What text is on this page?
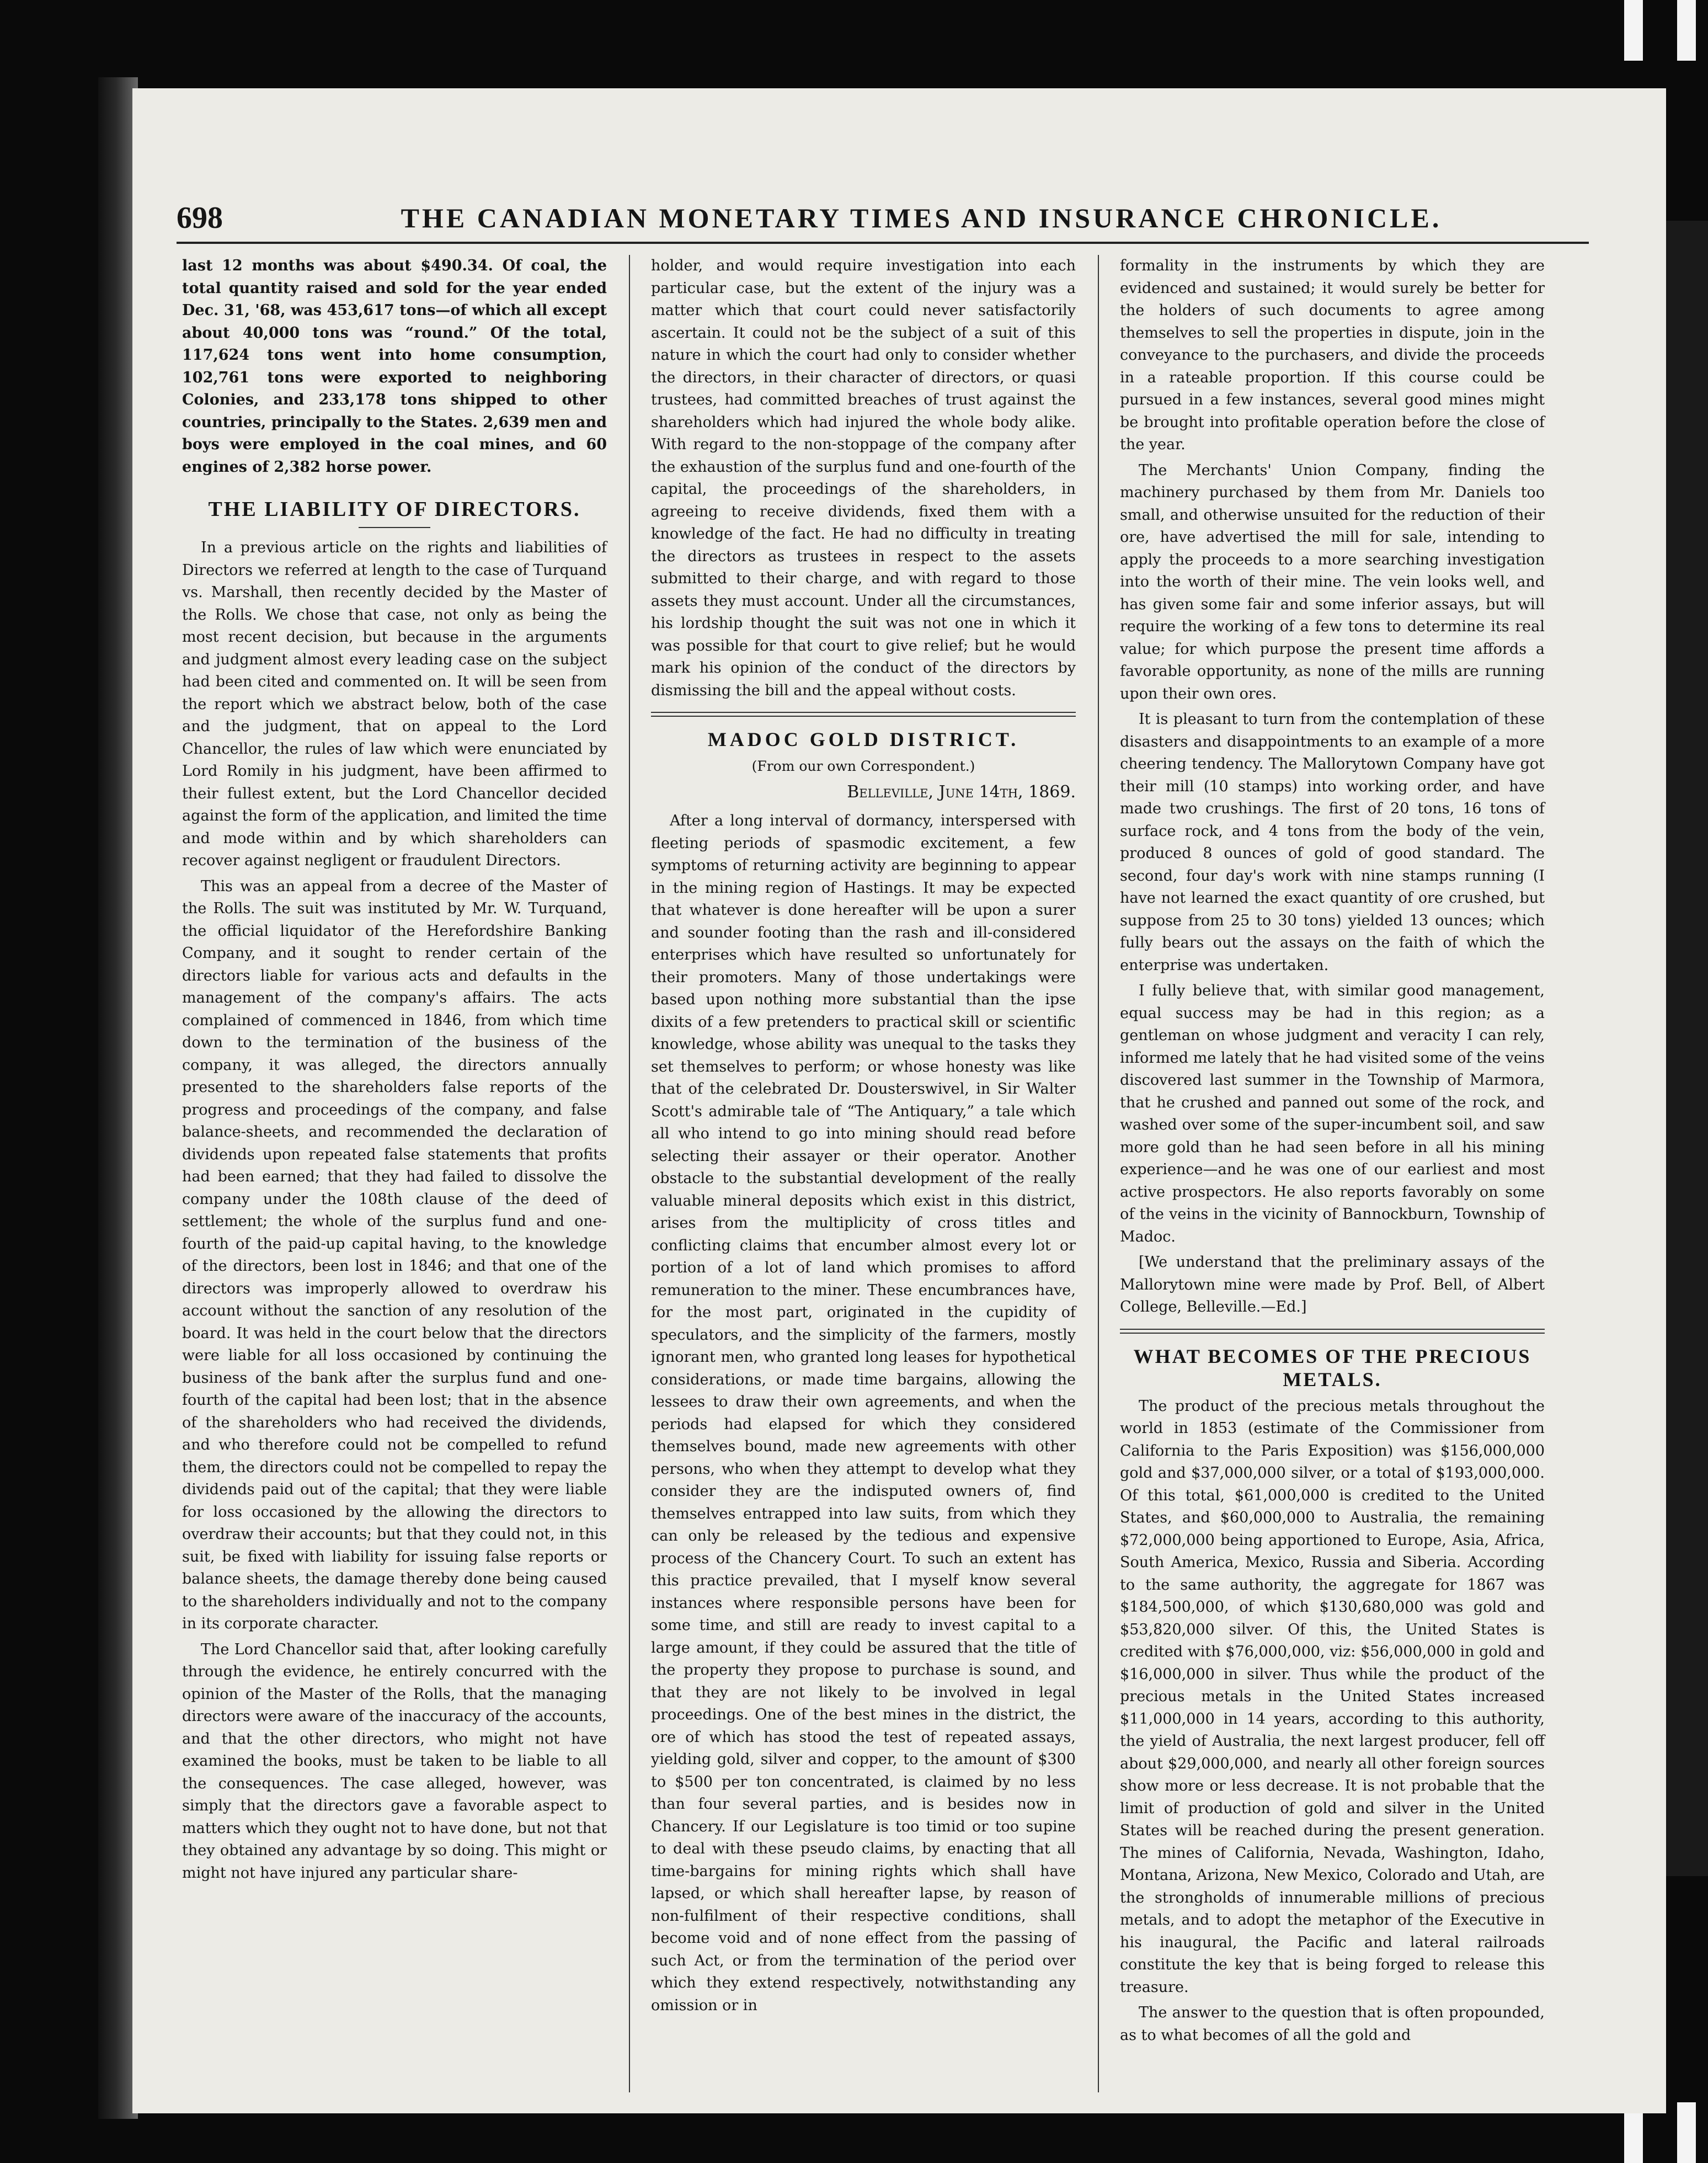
698	THE CANADIAN MONETARY TIMES AND INSURANCE CHRONICLE.

last 12 months was about $490.34. Of coal, the total quantity raised and sold for the year ended Dec. 31, '68, was 453,617 tons—of which all except about 40,000 tons was “round.” Of the total, 117,624 tons went into home consumption, 102,761 tons were exported to neighboring Colonies, and 233,178 tons shipped to other countries, principally to the States. 2,639 men and boys were employed in the coal mines, and 60 engines of 2,382 horse power.

THE LIABILITY OF DIRECTORS.

In a previous article on the rights and liabilities of Directors we referred at length to the case of Turquand vs. Marshall, then recently decided by the Master of the Rolls. We chose that case, not only as being the most recent decision, but because in the arguments and judgment almost every leading case on the subject had been cited and commented on. It will be seen from the report which we abstract below, both of the case and the judgment, that on appeal to the Lord Chancellor, the rules of law which were enunciated by Lord Romily in his judgment, have been affirmed to their fullest extent, but the Lord Chancellor decided against the form of the application, and limited the time and mode within and by which shareholders can recover against negligent or fraudulent Directors.

This was an appeal from a decree of the Master of the Rolls. The suit was instituted by Mr. W. Turquand, the official liquidator of the Herefordshire Banking Company, and it sought to render certain of the directors liable for various acts and defaults in the management of the company's affairs. The acts complained of commenced in 1846, from which time down to the termination of the business of the company, it was alleged, the directors annually presented to the shareholders false reports of the progress and proceedings of the company, and false balance-sheets, and recommended the declaration of dividends upon repeated false statements that profits had been earned; that they had failed to dissolve the company under the 108th clause of the deed of settlement; the whole of the surplus fund and one-fourth of the paid-up capital having, to the knowledge of the directors, been lost in 1846; and that one of the directors was improperly allowed to overdraw his account without the sanction of any resolution of the board. It was held in the court below that the directors were liable for all loss occasioned by continuing the business of the bank after the surplus fund and one-fourth of the capital had been lost; that in the absence of the shareholders who had received the dividends, and who therefore could not be compelled to refund them, the directors could not be compelled to repay the dividends paid out of the capital; that they were liable for loss occasioned by the allowing the directors to overdraw their accounts; but that they could not, in this suit, be fixed with liability for issuing false reports or balance sheets, the damage thereby done being caused to the shareholders individually and not to the company in its corporate character.

The Lord Chancellor said that, after looking carefully through the evidence, he entirely concurred with the opinion of the Master of the Rolls, that the managing directors were aware of the inaccuracy of the accounts, and that the other directors, who might not have examined the books, must be taken to be liable to all the consequences. The case alleged, however, was simply that the directors gave a favorable aspect to matters which they ought not to have done, but not that they obtained any advantage by so doing. This might or might not have injured any particular share-

holder, and would require investigation into each particular case, but the extent of the injury was a matter which that court could never satisfactorily ascertain. It could not be the subject of a suit of this nature in which the court had only to consider whether the directors, in their character of directors, or quasi trustees, had committed breaches of trust against the shareholders which had injured the whole body alike. With regard to the non-stoppage of the company after the exhaustion of the surplus fund and one-fourth of the capital, the proceedings of the shareholders, in agreeing to receive dividends, fixed them with a knowledge of the fact. He had no difficulty in treating the directors as trustees in respect to the assets submitted to their charge, and with regard to those assets they must account. Under all the circumstances, his lordship thought the suit was not one in which it was possible for that court to give relief; but he would mark his opinion of the conduct of the directors by dismissing the bill and the appeal without costs.

MADOC GOLD DISTRICT.
(From our own Correspondent.)
Belleville, June 14th, 1869.

After a long interval of dormancy, interspersed with fleeting periods of spasmodic excitement, a few symptoms of returning activity are beginning to appear in the mining region of Hastings. It may be expected that whatever is done hereafter will be upon a surer and sounder footing than the rash and ill-considered enterprises which have resulted so unfortunately for their promoters. Many of those undertakings were based upon nothing more substantial than the ipse dixits of a few pretenders to practical skill or scientific knowledge, whose ability was unequal to the tasks they set themselves to perform; or whose honesty was like that of the celebrated Dr. Dousterswivel, in Sir Walter Scott's admirable tale of “The Antiquary,” a tale which all who intend to go into mining should read before selecting their assayer or their operator. Another obstacle to the substantial development of the really valuable mineral deposits which exist in this district, arises from the multiplicity of cross titles and conflicting claims that encumber almost every lot or portion of a lot of land which promises to afford remuneration to the miner. These encumbrances have, for the most part, originated in the cupidity of speculators, and the simplicity of the farmers, mostly ignorant men, who granted long leases for hypothetical considerations, or made time bargains, allowing the lessees to draw their own agreements, and when the periods had elapsed for which they considered themselves bound, made new agreements with other persons, who when they attempt to develop what they consider they are the indisputed owners of, find themselves entrapped into law suits, from which they can only be released by the tedious and expensive process of the Chancery Court. To such an extent has this practice prevailed, that I myself know several instances where responsible persons have been for some time, and still are ready to invest capital to a large amount, if they could be assured that the title of the property they propose to purchase is sound, and that they are not likely to be involved in legal proceedings. One of the best mines in the district, the ore of which has stood the test of repeated assays, yielding gold, silver and copper, to the amount of $300 to $500 per ton concentrated, is claimed by no less than four several parties, and is besides now in Chancery. If our Legislature is too timid or too supine to deal with these pseudo claims, by enacting that all time-bargains for mining rights which shall have lapsed, or which shall hereafter lapse, by reason of non-fulfilment of their respective conditions, shall become void and of none effect from the passing of such Act, or from the termination of the period over which they extend respectively, notwithstanding any omission or in

formality in the instruments by which they are evidenced and sustained; it would surely be better for the holders of such documents to agree among themselves to sell the properties in dispute, join in the conveyance to the purchasers, and divide the proceeds in a rateable proportion. If this course could be pursued in a few instances, several good mines might be brought into profitable operation before the close of the year.

The Merchants' Union Company, finding the machinery purchased by them from Mr. Daniels too small, and otherwise unsuited for the reduction of their ore, have advertised the mill for sale, intending to apply the proceeds to a more searching investigation into the worth of their mine. The vein looks well, and has given some fair and some inferior assays, but will require the working of a few tons to determine its real value; for which purpose the present time affords a favorable opportunity, as none of the mills are running upon their own ores.

It is pleasant to turn from the contemplation of these disasters and disappointments to an example of a more cheering tendency. The Mallorytown Company have got their mill (10 stamps) into working order, and have made two crushings. The first of 20 tons, 16 tons of surface rock, and 4 tons from the body of the vein, produced 8 ounces of gold of good standard. The second, four day's work with nine stamps running (I have not learned the exact quantity of ore crushed, but suppose from 25 to 30 tons) yielded 13 ounces; which fully bears out the assays on the faith of which the enterprise was undertaken.

I fully believe that, with similar good management, equal success may be had in this region; as a gentleman on whose judgment and veracity I can rely, informed me lately that he had visited some of the veins discovered last summer in the Township of Marmora, that he crushed and panned out some of the rock, and washed over some of the super-incumbent soil, and saw more gold than he had seen before in all his mining experience—and he was one of our earliest and most active prospectors. He also reports favorably on some of the veins in the vicinity of Bannockburn, Township of Madoc.

[We understand that the preliminary assays of the Mallorytown mine were made by Prof. Bell, of Albert College, Belleville.—Ed.]

WHAT BECOMES OF THE PRECIOUS METALS.

The product of the precious metals throughout the world in 1853 (estimate of the Commissioner from California to the Paris Exposition) was $156,000,000 gold and $37,000,000 silver, or a total of $193,000,000. Of this total, $61,000,000 is credited to the United States, and $60,000,000 to Australia, the remaining $72,000,000 being apportioned to Europe, Asia, Africa, South America, Mexico, Russia and Siberia. According to the same authority, the aggregate for 1867 was $184,500,000, of which $130,680,000 was gold and $53,820,000 silver. Of this, the United States is credited with $76,000,000, viz: $56,000,000 in gold and $16,000,000 in silver. Thus while the product of the precious metals in the United States increased $11,000,000 in 14 years, according to this authority, the yield of Australia, the next largest producer, fell off about $29,000,000, and nearly all other foreign sources show more or less decrease. It is not probable that the limit of production of gold and silver in the United States will be reached during the present generation. The mines of California, Nevada, Washington, Idaho, Montana, Arizona, New Mexico, Colorado and Utah, are the strongholds of innumerable millions of precious metals, and to adopt the metaphor of the Executive in his inaugural, the Pacific and lateral railroads constitute the key that is being forged to release this treasure.

The answer to the question that is often propounded, as to what becomes of all the gold and
